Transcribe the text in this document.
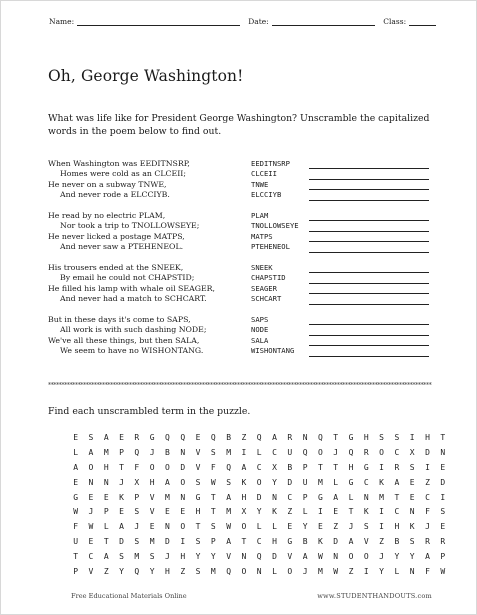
Name:	Date:	Class:
Oh, George Washington!
What was life like for President George Washington? Unscramble the capitalized words in the poem below to find out.
When Washington was EEDITNSRP,
Homes were cold as an CLCEII;
He never on a subway TNWE,
And never rode a ELCCIYB.
He read by no electric PLAM,
Nor took a trip to TNOLLOWSEYE;
He never licked a postage MATPS,
And never saw a PTEHENEOL.
His trousers ended at the SNEEK,
By email he could not CHAPSTID;
He filled his lamp with whale oil SEAGER,
And never had a match to SCHCART.
But in these days it's come to SAPS,
All work is with such dashing NODE;
We've all these things, but then SALA,
We seem to have no WISHONTANG.
EEDITNSRP
CLCEII
TNWE
ELCCIYB
PLAM
TNOLLOWSEYE
MATPS
PTEHENEOL
SNEEK
CHAPSTID
SEAGER
SCHCART
SAPS
NODE
SALA
WISHONTANG
**********************************************************************************************************************************************
Find each unscrambled term in the puzzle.
E	S	A	E	R	G	Q	Q	E	Q	B	Z	Q	A	R	N	Q	T	G	H	S	S	I	H	T
L	A	M	P	Q	J	B	N	V	S	M	I	L	C	U	Q	O	J	Q	R	O	C	X	D	N
A	O	H	T	F	O	O	D	V	F	Q	A	C	X	B	P	T	T	H	G	I	R	S	I	E
E	N	N	J	X	H	A	O	S	W	S	K	O	Y	D	U	M	L	G	C	K	A	E	Z	D
G	E	E	K	P	V	M	N	G	T	A	H	D	N	C	P	G	A	L	N	M	T	E	C	I
W	J	P	E	S	V	E	E	H	T	M	X	Y	K	Z	L	I	E	T	K	I	C	N	F	S
F	W	L	A	J	E	N	O	T	S	W	O	L	L	E	Y	E	Z	J	S	I	H	K	J	E
U	E	T	D	S	M	D	I	S	P	A	T	C	H	G	B	K	D	A	V	Z	B	S	R	R
T	C	A	S	M	S	J	H	Y	Y	V	N	Q	D	V	A	W	N	O	O	J	Y	Y	A	P
P	V	Z	Y	Q	Y	H	Z	S	M	Q	O	N	L	O	J	M	W	Z	I	Y	L	N	F	W
Free Educational Materials Online	www.STUDENTHANDOUTS.com
